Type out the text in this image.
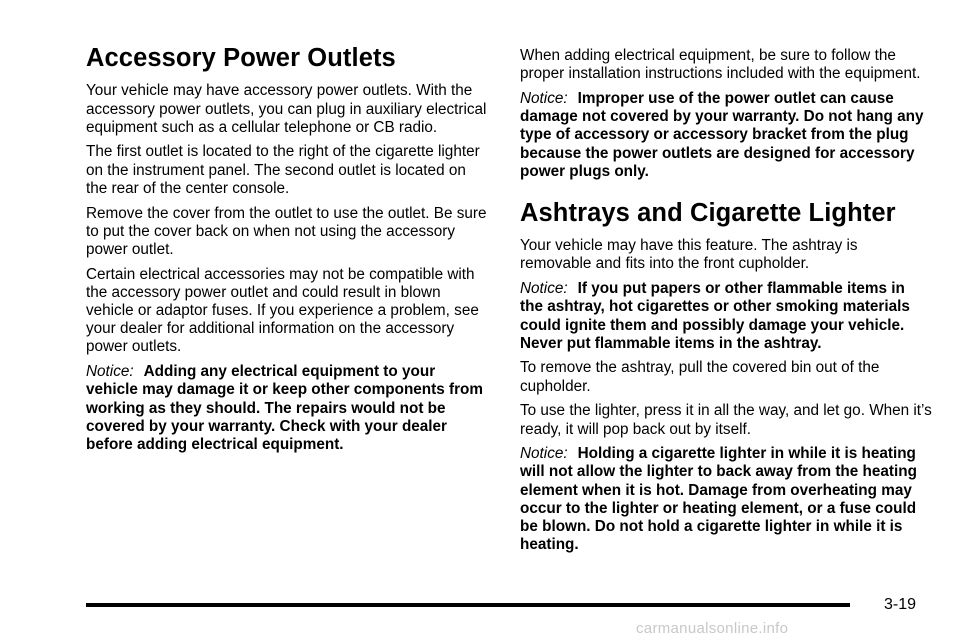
Accessory Power Outlets

Your vehicle may have accessory power outlets. With the accessory power outlets, you can plug in auxiliary electrical equipment such as a cellular telephone or CB radio.

The first outlet is located to the right of the cigarette lighter on the instrument panel. The second outlet is located on the rear of the center console.

Remove the cover from the outlet to use the outlet. Be sure to put the cover back on when not using the accessory power outlet.

Certain electrical accessories may not be compatible with the accessory power outlet and could result in blown vehicle or adaptor fuses. If you experience a problem, see your dealer for additional information on the accessory power outlets.

Notice: Adding any electrical equipment to your vehicle may damage it or keep other components from working as they should. The repairs would not be covered by your warranty. Check with your dealer before adding electrical equipment.

When adding electrical equipment, be sure to follow the proper installation instructions included with the equipment.

Notice: Improper use of the power outlet can cause damage not covered by your warranty. Do not hang any type of accessory or accessory bracket from the plug because the power outlets are designed for accessory power plugs only.

Ashtrays and Cigarette Lighter

Your vehicle may have this feature. The ashtray is removable and fits into the front cupholder.

Notice: If you put papers or other flammable items in the ashtray, hot cigarettes or other smoking materials could ignite them and possibly damage your vehicle. Never put flammable items in the ashtray.

To remove the ashtray, pull the covered bin out of the cupholder.

To use the lighter, press it in all the way, and let go. When it’s ready, it will pop back out by itself.

Notice: Holding a cigarette lighter in while it is heating will not allow the lighter to back away from the heating element when it is hot. Damage from overheating may occur to the lighter or heating element, or a fuse could be blown. Do not hold a cigarette lighter in while it is heating.

3-19
carmanualsonline.info
